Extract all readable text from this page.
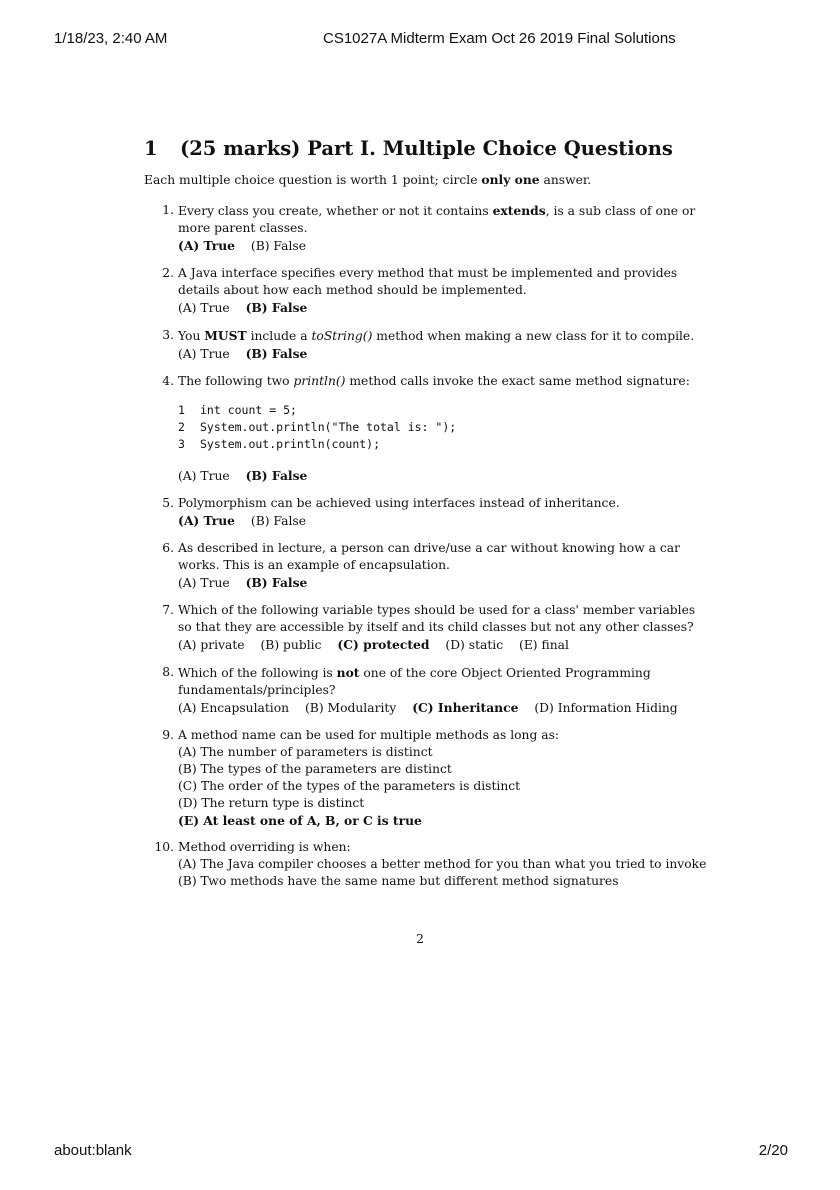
1/18/23, 2:40 AM	CS1027A Midterm Exam Oct 26 2019 Final Solutions
1 (25 marks) Part I. Multiple Choice Questions
Each multiple choice question is worth 1 point; circle only one answer.
1. Every class you create, whether or not it contains extends, is a sub class of one or more parent classes.
(A) True (B) False
2. A Java interface specifies every method that must be implemented and provides details about how each method should be implemented.
(A) True (B) False
3. You MUST include a toString() method when making a new class for it to compile.
(A) True (B) False
4. The following two println() method calls invoke the exact same method signature:
1 int count = 5;
2 System.out.println("The total is: ");
3 System.out.println(count);
(A) True (B) False
5. Polymorphism can be achieved using interfaces instead of inheritance.
(A) True (B) False
6. As described in lecture, a person can drive/use a car without knowing how a car works. This is an example of encapsulation.
(A) True (B) False
7. Which of the following variable types should be used for a class' member variables so that they are accessible by itself and its child classes but not any other classes?
(A) private (B) public (C) protected (D) static (E) final
8. Which of the following is not one of the core Object Oriented Programming fundamentals/principles?
(A) Encapsulation (B) Modularity (C) Inheritance (D) Information Hiding
9. A method name can be used for multiple methods as long as:
(A) The number of parameters is distinct
(B) The types of the parameters are distinct
(C) The order of the types of the parameters is distinct
(D) The return type is distinct
(E) At least one of A, B, or C is true
10. Method overriding is when:
(A) The Java compiler chooses a better method for you than what you tried to invoke
(B) Two methods have the same name but different method signatures
2
about:blank	2/20
